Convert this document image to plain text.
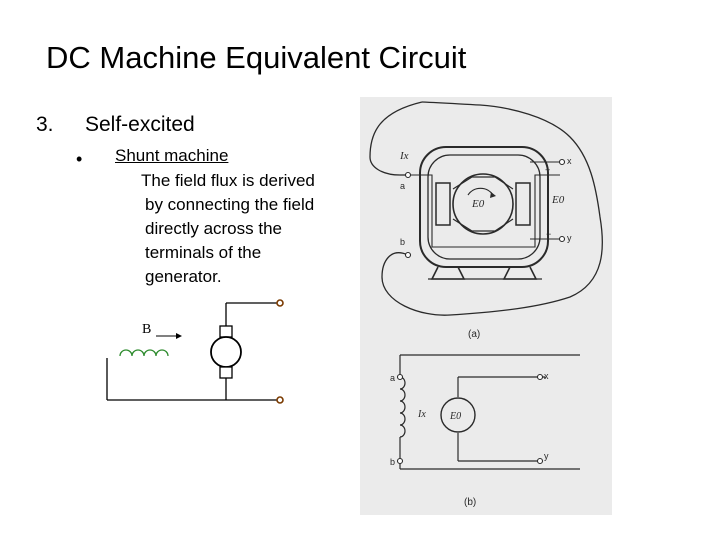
DC Machine Equivalent Circuit
3. Self-excited
• Shunt machine
The field flux is derived
by connecting the field
directly across the
terminals of the
generator.
B
Ix
a
b
x
y
+
−
E0	E0
(a)
a
b
x
y
Ix E0
(b)
